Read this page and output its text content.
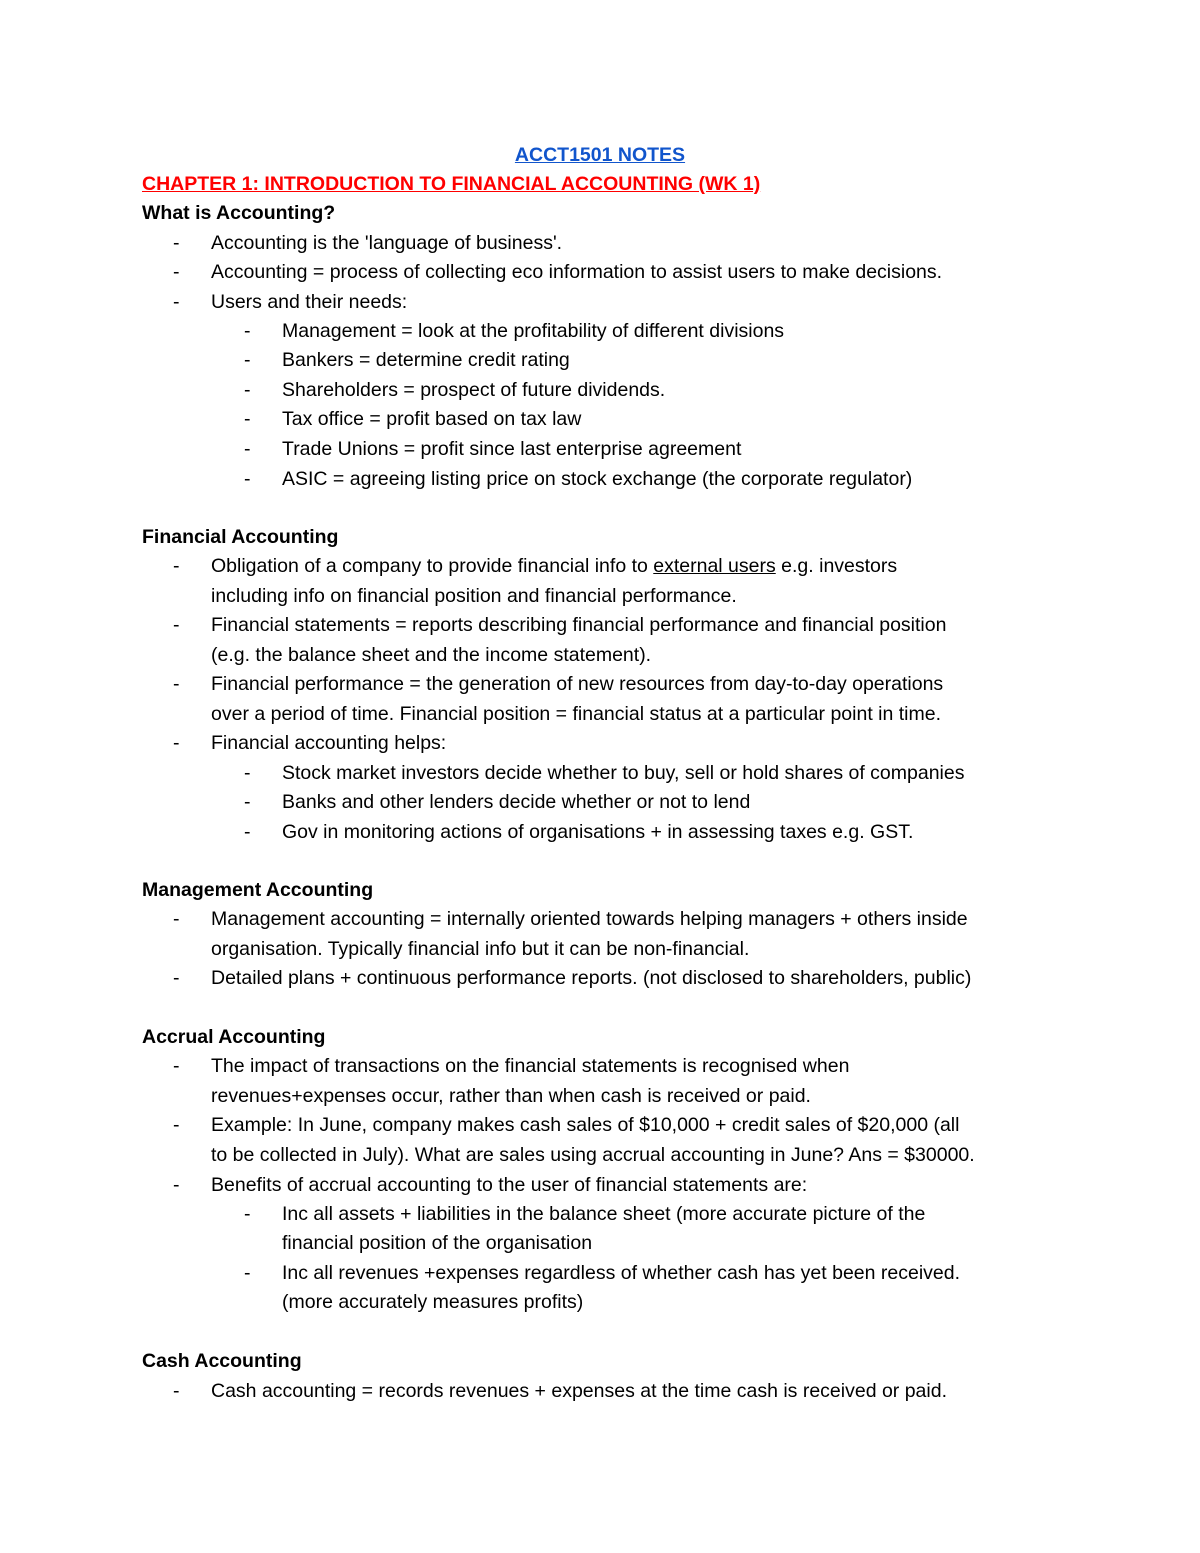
ACCT1501 NOTES
CHAPTER 1: INTRODUCTION TO FINANCIAL ACCOUNTING (WK 1)
What is Accounting?
- Accounting is the 'language of business'.
- Accounting = process of collecting eco information to assist users to make decisions.
- Users and their needs:
- Management = look at the profitability of different divisions
- Bankers = determine credit rating
- Shareholders = prospect of future dividends.
- Tax office = profit based on tax law
- Trade Unions = profit since last enterprise agreement
- ASIC = agreeing listing price on stock exchange (the corporate regulator)
Financial Accounting
- Obligation of a company to provide financial info to external users e.g. investors
including info on financial position and financial performance.
- Financial statements = reports describing financial performance and financial position
(e.g. the balance sheet and the income statement).
- Financial performance = the generation of new resources from day-to-day operations
over a period of time. Financial position = financial status at a particular point in time.
- Financial accounting helps:
- Stock market investors decide whether to buy, sell or hold shares of companies
- Banks and other lenders decide whether or not to lend
- Gov in monitoring actions of organisations + in assessing taxes e.g. GST.
Management Accounting
- Management accounting = internally oriented towards helping managers + others inside
organisation. Typically financial info but it can be non-financial.
- Detailed plans + continuous performance reports. (not disclosed to shareholders, public)
Accrual Accounting
- The impact of transactions on the financial statements is recognised when
revenues+expenses occur, rather than when cash is received or paid.
- Example: In June, company makes cash sales of $10,000 + credit sales of $20,000 (all
to be collected in July). What are sales using accrual accounting in June? Ans = $30000.
- Benefits of accrual accounting to the user of financial statements are:
- Inc all assets + liabilities in the balance sheet (more accurate picture of the
financial position of the organisation
- Inc all revenues +expenses regardless of whether cash has yet been received.
(more accurately measures profits)
Cash Accounting
- Cash accounting = records revenues + expenses at the time cash is received or paid.
